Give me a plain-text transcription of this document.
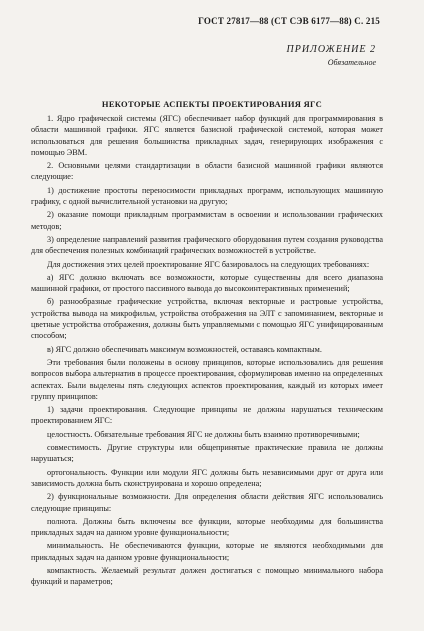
ГОСТ 27817—88 (СТ СЭВ 6177—88) С. 215
ПРИЛОЖЕНИЕ 2
Обязательное
НЕКОТОРЫЕ АСПЕКТЫ ПРОЕКТИРОВАНИЯ ЯГС

1. Ядро графической системы (ЯГС) обеспечивает набор функций для программирования в области машинной графики. ЯГС является базисной графической системой, которая может использоваться для решения большинства прикладных задач, генерирующих изображения с помощью ЭВМ.

2. Основными целями стандартизации в области базисной машинной графики являются следующие:

1) достижение простоты переносимости прикладных программ, использующих машинную графику, с одной вычислительной установки на другую;

2) оказание помощи прикладным программистам в освоении и использовании графических методов;

3) определение направлений развития графического оборудования путем создания руководства для обеспечения полезных комбинаций графических возможностей в устройстве.

Для достижения этих целей проектирование ЯГС базировалось на следующих требованиях:

а) ЯГС должно включать все возможности, которые существенны для всего диапазона машинной графики, от простого пассивного вывода до высокоинтерактивных применений;

б) разнообразные графические устройства, включая векторные и растровые устройства, устройства вывода на микрофильм, устройства отображения на ЭЛТ с запоминанием, векторные и цветные устройства отображения, должны быть управляемыми с помощью ЯГС унифицированным способом;

в) ЯГС должно обеспечивать максимум возможностей, оставаясь компактным.

Эти требования были положены в основу принципов, которые использовались для решения вопросов выбора альтернатив в процессе проектирования, сформулировав именно на определенных аспектах. Были выделены пять следующих аспектов проектирования, каждый из которых имеет группу принципов:

1) задачи проектирования. Следующие принципы не должны нарушаться техническим проектированием ЯГС:

целостность. Обязательные требования ЯГС не должны быть взаимно противоречивыми;

совместимость. Другие структуры или общепринятые практические правила не должны нарушаться;

ортогональность. Функции или модули ЯГС должны быть независимыми друг от друга или зависимость должна быть сконструирована и хорошо определена;

2) функциональные возможности. Для определения области действия ЯГС использовались следующие принципы:

полнота. Должны быть включены все функции, которые необходимы для большинства прикладных задач на данном уровне функциональности;

минимальность. Не обеспечиваются функции, которые не являются необходимыми для прикладных задач на данном уровне функциональности;

компактность. Желаемый результат должен достигаться с помощью минимального набора функций и параметров;
